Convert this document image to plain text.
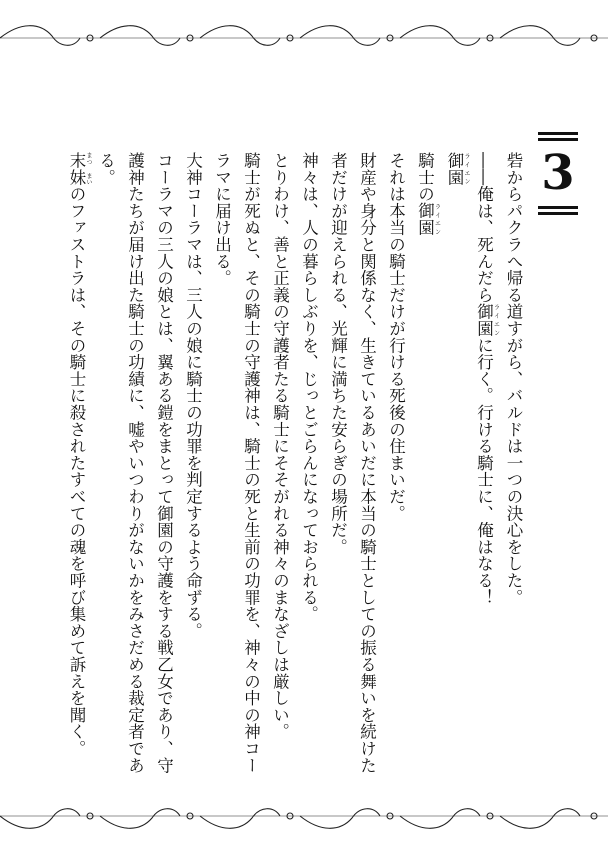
3

砦からパクラへ帰る道すがら、バルドは一つの決心をした。

――俺は、死んだら御園 ライエンに行く。行ける騎士に、俺はなる！

御園 ライエン

騎士の御園 ライエン

それは本当の騎士だけが行ける死後の住まいだ。

財産や身分と関係なく、生きているあいだに本当の騎士としての振る舞いを続けた者だけが迎えられる、光輝に満ちた安らぎの場所だ。

神々は、人の暮らしぶりを、じっとごらんになっておられる。

とりわけ、善と正義の守護者たる騎士にそそがれる神々のまなざしは厳しい。

騎士が死ぬと、その騎士の守護神は、騎士の死と生前の功罪を、神々の中の神コーラマに届け出る。

大神コーラマは、三人の娘に騎士の功罪を判定するよう命ずる。

コーラマの三人の娘とは、翼ある鎧をまとって御園の守護をする戦乙女であり、守護神たちが届け出た騎士の功績に、嘘やいつわりがないかをみさだめる裁定者である。

末妹 まつ　まいのファストラは、その騎士に殺されたすべての魂を呼び集めて訴えを聞く。
